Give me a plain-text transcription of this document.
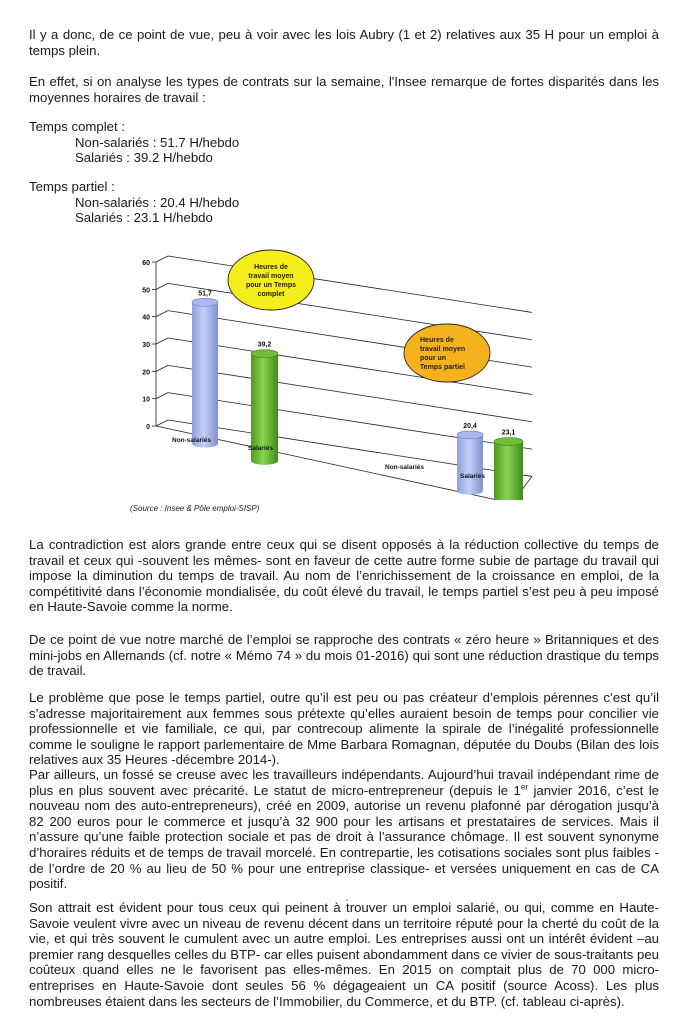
Il y a donc, de ce point de vue, peu à voir avec les lois Aubry (1 et 2) relatives aux 35 H pour un emploi à temps plein.
En effet, si on analyse les types de contrats sur la semaine, l'Insee remarque de fortes disparités dans les moyennes horaires de travail :
Temps complet :
Non-salariés : 51.7 H/hebdo
Salariés : 39.2 H/hebdo
Temps partiel :
Non-salariés : 20.4 H/hebdo
Salariés : 23.1 H/hebdo
0
10
20
30
40
50
60
51,7
Non-salariés
39,2
Salariés
20,4
Non-salariés
23,1
Salariés
Heures de
travail moyen
pour un Temps
complet
Heures de
travail moyen
pour un
Temps partiel
(Source : Insee & Pôle emploi-SISP)
La contradiction est alors grande entre ceux qui se disent opposés à la réduction collective du temps de travail et ceux qui -souvent les mêmes- sont en faveur de cette autre forme subie de partage du travail qui impose la diminution du temps de travail. Au nom de l’enrichissement de la croissance en emploi, de la compétitivité dans l’économie mondialisée, du coût élevé du travail, le temps partiel s’est peu à peu imposé en Haute-Savoie comme la norme.
De ce point de vue notre marché de l’emploi se rapproche des contrats « zéro heure » Britanniques et des mini-jobs en Allemands (cf. notre « Mémo 74 » du mois 01-2016) qui sont une réduction drastique du temps de travail.
Le problème que pose le temps partiel, outre qu’il est peu ou pas créateur d’emplois pérennes c’est qu’il s’adresse majoritairement aux femmes sous prétexte qu’elles auraient besoin de temps pour concilier vie professionnelle et vie familiale, ce qui, par contrecoup alimente la spirale de l’inégalité professionnelle comme le souligne le rapport parlementaire de Mme Barbara Romagnan, députée du Doubs (Bilan des lois relatives aux 35 Heures -décembre 2014-).
Par ailleurs, un fossé se creuse avec les travailleurs indépendants. Aujourd’hui travail indépendant rime de plus en plus souvent avec précarité. Le statut de micro-entrepreneur (depuis le 1er janvier 2016, c’est le nouveau nom des auto-entrepreneurs), créé en 2009, autorise un revenu plafonné par dérogation jusqu’à 82 200 euros pour le commerce et jusqu’à 32 900 pour les artisans et prestataires de services. Mais il n’assure qu’une faible protection sociale et pas de droit à l’assurance chômage. Il est souvent synonyme d’horaires réduits et de temps de travail morcelé. En contrepartie, les cotisations sociales sont plus faibles -de l’ordre de 20 % au lieu de 50 % pour une entreprise classique- et versées uniquement en cas de CA positif.
˛
Son attrait est évident pour tous ceux qui peinent à trouver un emploi salarié, ou qui, comme en Haute-Savoie veulent vivre avec un niveau de revenu décent dans un territoire réputé pour la cherté du coût de la vie, et qui très souvent le cumulent avec un autre emploi. Les entreprises aussi ont un intérêt évident –au premier rang desquelles celles du BTP- car elles puisent abondamment dans ce vivier de sous-traitants peu coûteux quand elles ne le favorisent pas elles-mêmes. En 2015 on comptait plus de 70 000 micro-entreprises en Haute-Savoie dont seules 56 % dégageaient un CA positif (source Acoss). Les plus nombreuses étaient dans les secteurs de l’Immobilier, du Commerce, et du BTP. (cf. tableau ci-après).
